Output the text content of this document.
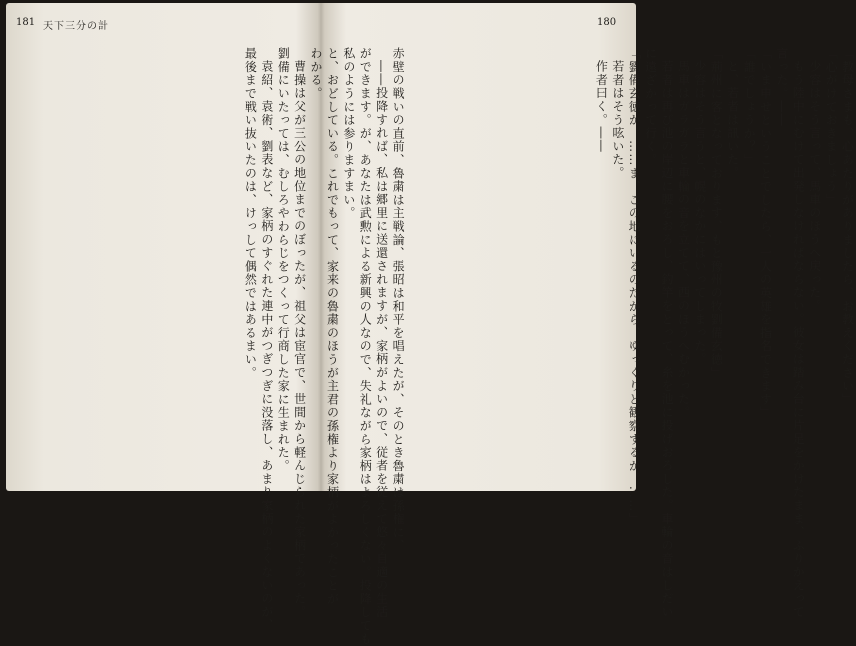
天下三分の計
181	180

赤壁の戦いの直前、魯粛は主戦論、張昭は和平を唱えたが、そのとき魯粛は孫権に、

――投降すれば、私は郷里に送還されますが、家柄がよいので、従者を従えて悠々自適の生活

ができます。が、あなたは武勲による新興の人なので、失礼ながら家柄はよろしくない。投降しても

私のようには参りますまい。

と、おどしている。これでもって、家来の魯粛のほうが主君の孫権より家柄がよかったことが

わかる。

曹操は父が三公の地位までのぼったが、祖父は宦官で、世間から軽んじられた家柄であった。

劉備にいたっては、むしろやわらじをつくって行商した家に生まれた。

袁紹、袁術、劉表など、家柄のすぐれた連中がつぎつぎに没落し、あまり家柄のよくないのが、

最後まで戦い抜いたのは、けっして偶然ではあるまい。	「教母さまも、心あたりがありましたら、お教えください」

「心がけておきましょう」

少容はそう言って、馬車のほうへ戻った。

もう陸中にむけて出発しなければならない。彼女は踏み台に片足をかけたまま、ふりかえって

言った。――

「いま申せということでしたら、一人の英雄を指名できます」

「誰でしょうか？」

と、若者は訊いた。

「荊州に客となっております、もと豫州の牧劉備玄徳」

少容はそう言うと、幌のなかにはいってしまった。

馬車はガラガラと車輪の音を立てて、西のほうへむかった。

若者は再び池の岸辺に腰をおろし、釣竿をとって、糸を池に投げおろした。車輪の音はしだい

に遠ざかって行く。

「劉備玄徳か。……ま、この地にいるのだから、ゆっくりと観察するか。……」

若者はそう呟いた。

作者曰く。――
